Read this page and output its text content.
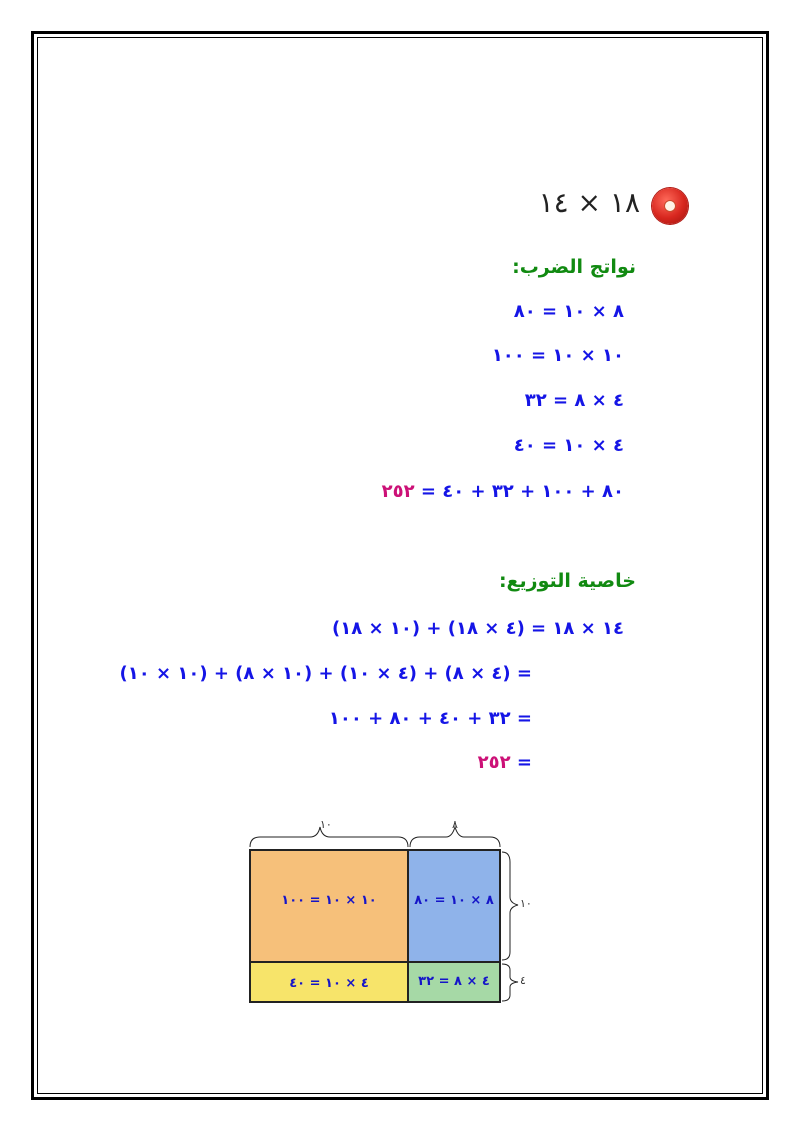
١٨ × ١٤
نواتج الضرب:
٨ × ١٠ = ٨٠
١٠ × ١٠ = ١٠٠
٤ × ٨ = ٣٢
٤ × ١٠ = ٤٠
٨٠ + ١٠٠ + ٣٢ + ٤٠ = ٢٥٢
خاصية التوزيع:
١٤ × ١٨ = (٤ × ١٨) + (١٠ × ١٨)
= (٤ × ٨) + (٤ × ١٠) + (١٠ × ٨) + (١٠ × ١٠)
= ٣٢ + ٤٠ + ٨٠ + ١٠٠
= ٢٥٢
١٠	٨
١٠
٤
١٠ × ١٠ = ١٠٠	٨ × ١٠ = ٨٠
٤ × ١٠ = ٤٠	٤ × ٨ = ٣٢
